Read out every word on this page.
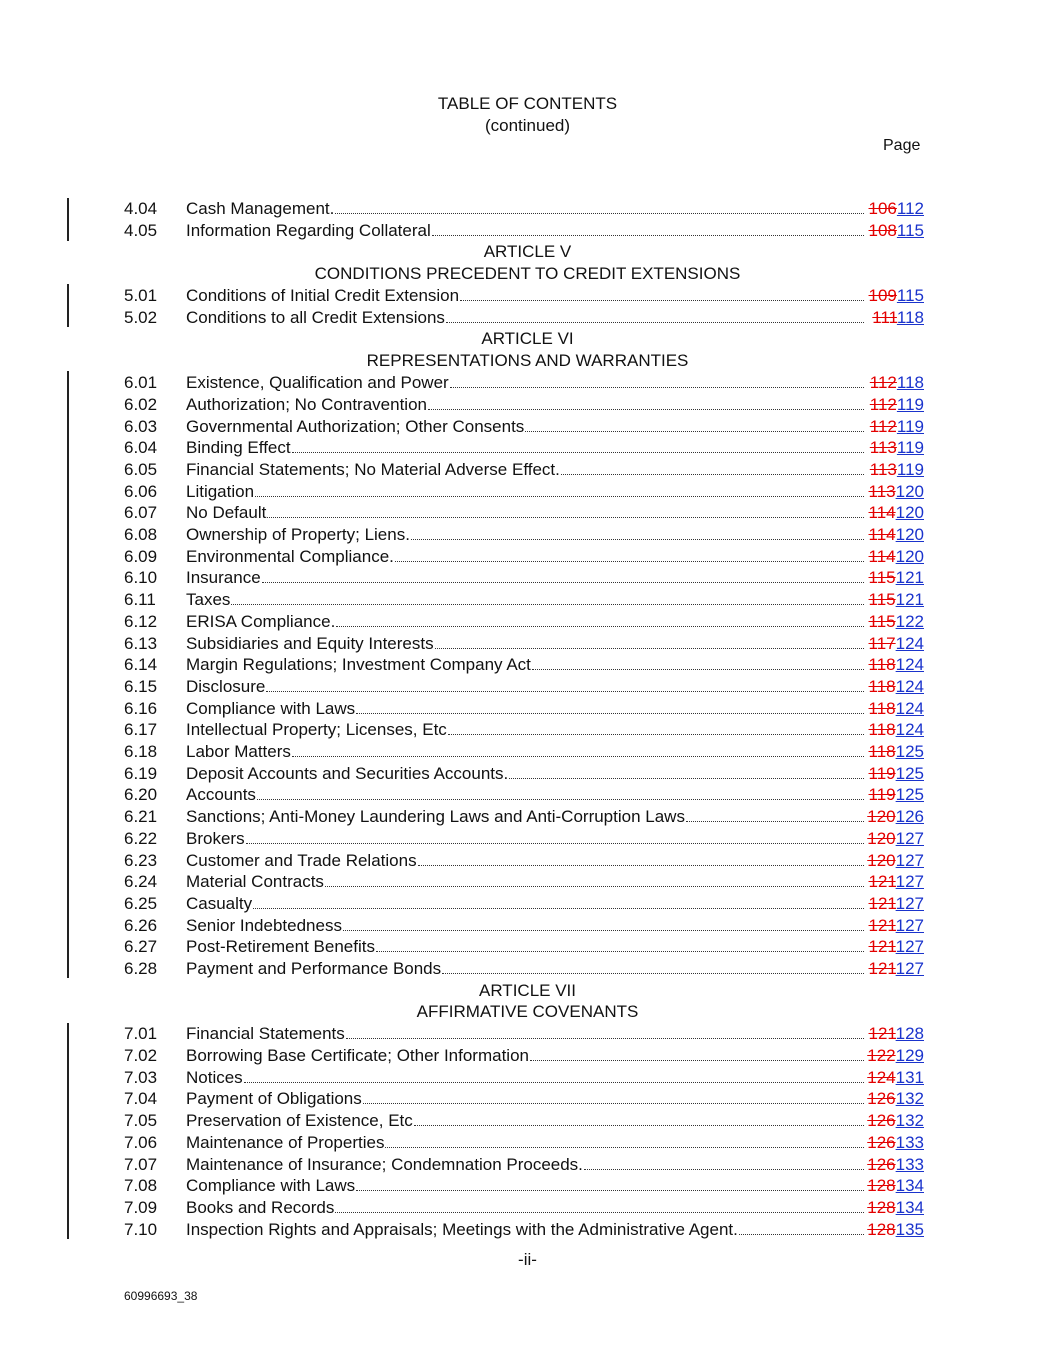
TABLE OF CONTENTS
(continued)
Page
4.04 Cash Management.	106112
4.05 Information Regarding Collateral	108115
ARTICLE V
CONDITIONS PRECEDENT TO CREDIT EXTENSIONS
5.01 Conditions of Initial Credit Extension	109115
5.02 Conditions to all Credit Extensions	111118
ARTICLE VI
REPRESENTATIONS AND WARRANTIES
6.01 Existence, Qualification and Power	112118
6.02 Authorization; No Contravention	112119
6.03 Governmental Authorization; Other Consents	112119
6.04 Binding Effect	113119
6.05 Financial Statements; No Material Adverse Effect.	113119
6.06 Litigation	113120
6.07 No Default	114120
6.08 Ownership of Property; Liens.	114120
6.09 Environmental Compliance.	114120
6.10 Insurance	115121
6.11 Taxes	115121
6.12 ERISA Compliance.	115122
6.13 Subsidiaries and Equity Interests	117124
6.14 Margin Regulations; Investment Company Act	118124
6.15 Disclosure	118124
6.16 Compliance with Laws	118124
6.17 Intellectual Property; Licenses, Etc	118124
6.18 Labor Matters	118125
6.19 Deposit Accounts and Securities Accounts.	119125
6.20 Accounts	119125
6.21 Sanctions; Anti-Money Laundering Laws and Anti-Corruption Laws	120126
6.22 Brokers	120127
6.23 Customer and Trade Relations	120127
6.24 Material Contracts	121127
6.25 Casualty	121127
6.26 Senior Indebtedness	121127
6.27 Post-Retirement Benefits	121127
6.28 Payment and Performance Bonds	121127
ARTICLE VII
AFFIRMATIVE COVENANTS
7.01 Financial Statements	121128
7.02 Borrowing Base Certificate; Other Information	122129
7.03 Notices	124131
7.04 Payment of Obligations	126132
7.05 Preservation of Existence, Etc	126132
7.06 Maintenance of Properties	126133
7.07 Maintenance of Insurance; Condemnation Proceeds.	126133
7.08 Compliance with Laws	128134
7.09 Books and Records	128134
7.10 Inspection Rights and Appraisals; Meetings with the Administrative Agent.	128135
-ii-
60996693_38
